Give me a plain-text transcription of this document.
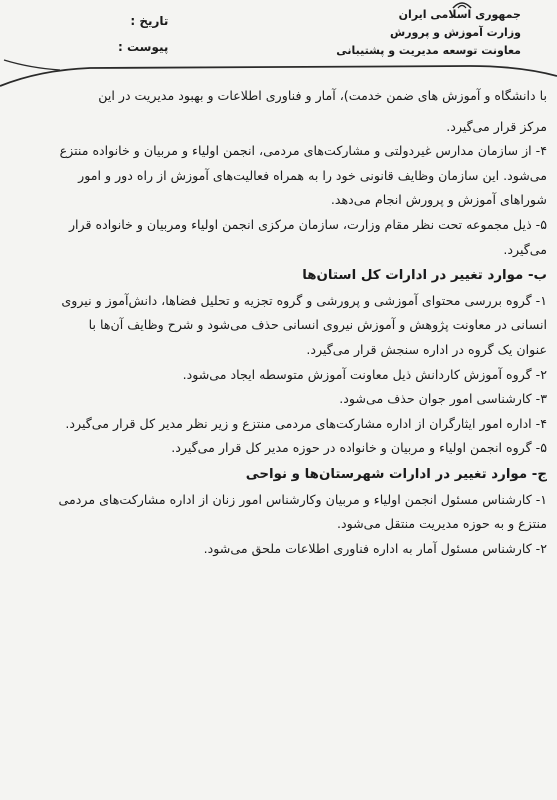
جمهوری اسلامی ایران
وزارت آموزش و پرورش
معاونت توسعه مدیریت و پشتیبانی
تاریخ :
پیوست :

با دانشگاه و آموزش های ضمن خدمت)، آمار و فناوری اطلاعات و بهبود مدیریت در این

مرکز قرار می‌گیرد.

۴- از سازمان مدارس غیردولتی و مشارکت‌های مردمی، انجمن اولیاء و مربیان و خانواده منتزع

می‌شود. این سازمان وظایف قانونی خود را به همراه فعالیت‌های آموزش از راه دور و امور

شوراهای آموزش و پرورش انجام می‌دهد.

۵- ذیل مجموعه تحت نظر مقام وزارت، سازمان مرکزی انجمن اولیاء ومربیان و خانواده قرار

می‌گیرد.

ب- موارد تغییر در ادارات کل استان‌ها

۱- گروه بررسی محتوای آموزشی و پرورشی و گروه تجزیه و تحلیل فضاها، دانش‌آموز و نیروی

انسانی در معاونت پژوهش و آموزش نیروی انسانی حذف می‌شود و شرح وظایف آن‌ها با

عنوان یک گروه در اداره سنجش قرار می‌گیرد.

۲- گروه آموزش کاردانش ذیل معاونت آموزش متوسطه ایجاد می‌شود.

۳- کارشناسی امور جوان حذف می‌شود.

۴- اداره امور ایثارگران از اداره مشارکت‌های مردمی منتزع و زیر نظر مدیر کل قرار می‌گیرد.

۵- گروه انجمن اولیاء و مربیان و خانواده در حوزه مدیر کل قرار می‌گیرد.

ج- موارد تغییر در ادارات شهرستان‌ها و نواحی

۱- کارشناس مسئول انجمن اولیاء و مربیان وکارشناس امور زنان از اداره مشارکت‌های مردمی

منتزع و به حوزه مدیریت منتقل می‌شود.

۲- کارشناس مسئول آمار به اداره فناوری اطلاعات ملحق می‌شود.
